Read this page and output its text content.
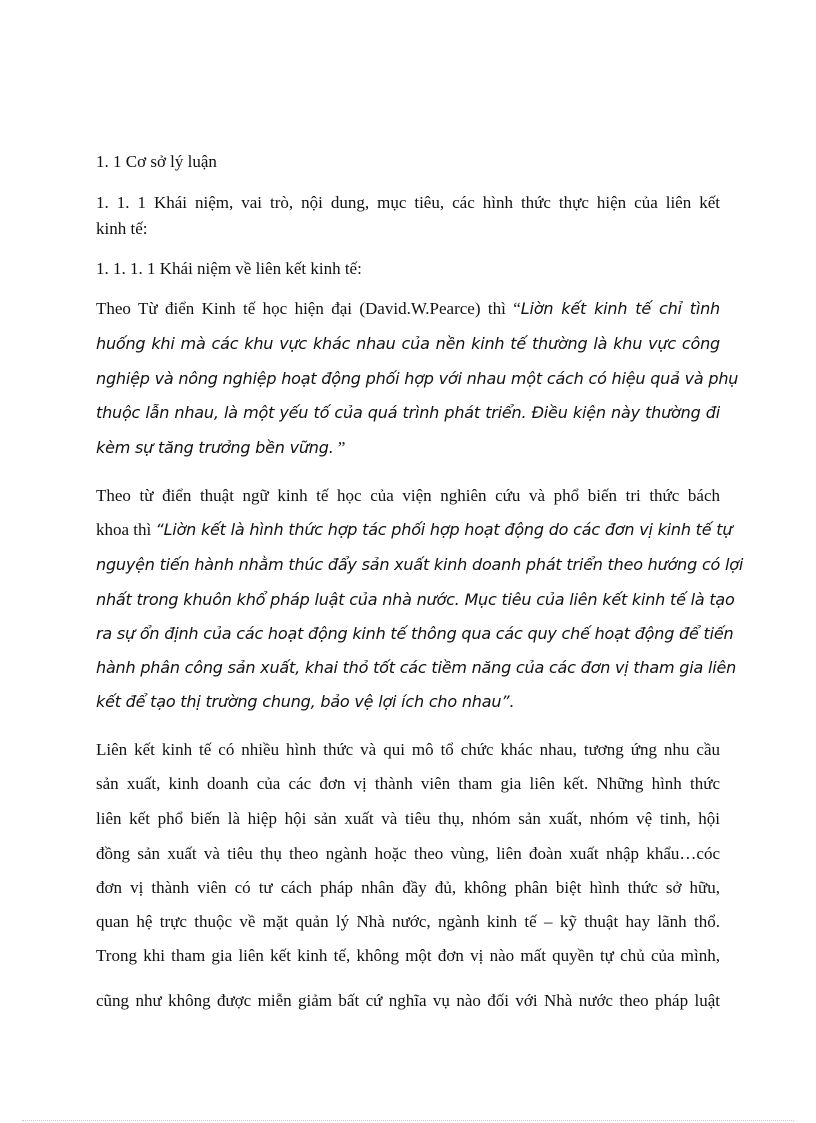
1. 1 Cơ sở lý luận
1. 1. 1 Khái niệm, vai trò, nội dung, mục tiêu, các hình thức thực hiện của liên kết
kinh tế:
1. 1. 1. 1 Khái niệm về liên kết kinh tế:
Theo Từ điển Kinh tế học hiện đại (David.W.Pearce) thì “Liờn kết kinh tế chỉ tình
huống khi mà các khu vực khác nhau của nền kinh tế thường là khu vực công
nghiệp và nông nghiệp hoạt động phối hợp với nhau một cách có hiệu quả và phụ
thuộc lẫn nhau, là một yếu tố của quá trình phát triển. Điều kiện này thường đi
kèm sự tăng trưởng bền vững. ”
Theo từ điển thuật ngữ kinh tế học của viện nghiên cứu và phổ biến tri thức bách
khoa thì “Liờn kết là hình thức hợp tác phối hợp hoạt động do các đơn vị kinh tế tự
nguyện tiến hành nhằm thúc đẩy sản xuất kinh doanh phát triển theo hướng có lợi
nhất trong khuôn khổ pháp luật của nhà nước. Mục tiêu của liên kết kinh tế là tạo
ra sự ổn định của các hoạt động kinh tế thông qua các quy chế hoạt động để tiến
hành phân công sản xuất, khai thỏ tốt các tiềm năng của các đơn vị tham gia liên
kết để tạo thị trường chung, bảo vệ lợi ích cho nhau”.
Liên kết kinh tế có nhiều hình thức và qui mô tổ chức khác nhau, tương ứng nhu cầu
sản xuất, kinh doanh của các đơn vị thành viên tham gia liên kết. Những hình thức
liên kết phổ biến là hiệp hội sản xuất và tiêu thụ, nhóm sản xuất, nhóm vệ tinh, hội
đồng sản xuất và tiêu thụ theo ngành hoặc theo vùng, liên đoàn xuất nhập khẩu…cóc
đơn vị thành viên có tư cách pháp nhân đầy đủ, không phân biệt hình thức sở hữu,
quan hệ trực thuộc về mặt quản lý Nhà nước, ngành kinh tế – kỹ thuật hay lãnh thổ.
Trong khi tham gia liên kết kinh tế, không một đơn vị nào mất quyền tự chủ của mình,
cũng như không được miễn giảm bất cứ nghĩa vụ nào đối với Nhà nước theo pháp luật
